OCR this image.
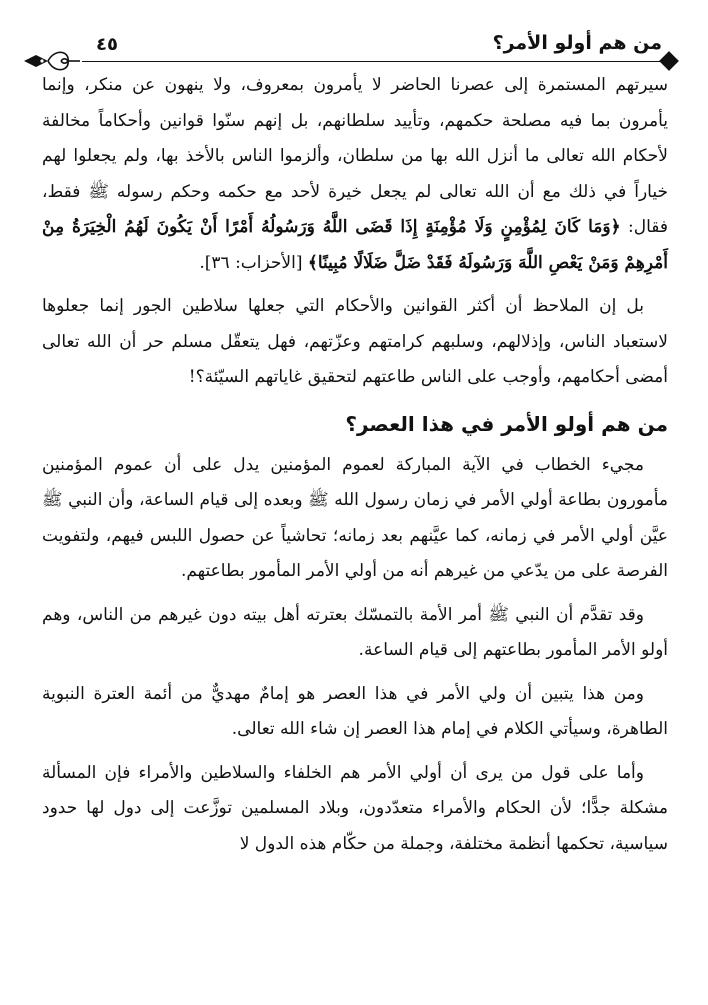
٤٥	من هم أولو الأمر؟

سيرتهم المستمرة إلى عصرنا الحاضر لا يأمرون بمعروف، ولا ينهون عن منكر، وإنما يأمرون بما فيه مصلحة حكمهم، وتأييد سلطانهم، بل إنهم سنّوا قوانين وأحكاماً مخالفة لأحكام الله تعالى ما أنزل الله بها من سلطان، وألزموا الناس بالأخذ بها، ولم يجعلوا لهم خياراً في ذلك مع أن الله تعالى لم يجعل خيرة لأحد مع حكمه وحكم رسوله ﷺ فقط، فقال: ﴿وَمَا كَانَ لِمُؤْمِنٍ وَلَا مُؤْمِنَةٍ إِذَا قَضَى اللَّهُ وَرَسُولُهُ أَمْرًا أَنْ يَكُونَ لَهُمُ الْخِيَرَةُ مِنْ أَمْرِهِمْ وَمَنْ يَعْصِ اللَّهَ وَرَسُولَهُ فَقَدْ ضَلَّ ضَلَالًا مُبِينًا﴾ [الأحزاب: ٣٦].

بل إن الملاحظ أن أكثر القوانين والأحكام التي جعلها سلاطين الجور إنما جعلوها لاستعباد الناس، وإذلالهم، وسلبهم كرامتهم وعزّتهم، فهل يتعقّل مسلم حر أن الله تعالى أمضى أحكامهم، وأوجب على الناس طاعتهم لتحقيق غاياتهم السيّئة؟!

من هم أولو الأمر في هذا العصر؟

مجيء الخطاب في الآية المباركة لعموم المؤمنين يدل على أن عموم المؤمنين مأمورون بطاعة أولي الأمر في زمان رسول الله ﷺ وبعده إلى قيام الساعة، وأن النبي ﷺ عيَّن أولي الأمر في زمانه، كما عيَّنهم بعد زمانه؛ تحاشياً عن حصول اللبس فيهم، ولتفويت الفرصة على من يدّعي من غيرهم أنه من أولي الأمر المأمور بطاعتهم.

وقد تقدَّم أن النبي ﷺ أمر الأمة بالتمسّك بعترته أهل بيته دون غيرهم من الناس، وهم أولو الأمر المأمور بطاعتهم إلى قيام الساعة.

ومن هذا يتبين أن ولي الأمر في هذا العصر هو إمامٌ مهديٌّ من أئمة العترة النبوية الطاهرة، وسيأتي الكلام في إمام هذا العصر إن شاء الله تعالى.

وأما على قول من يرى أن أولي الأمر هم الخلفاء والسلاطين والأمراء فإن المسألة مشكلة جدًّا؛ لأن الحكام والأمراء متعدّدون، وبلاد المسلمين توزَّعت إلى دول لها حدود سياسية، تحكمها أنظمة مختلفة، وجملة من حكّام هذه الدول لا
